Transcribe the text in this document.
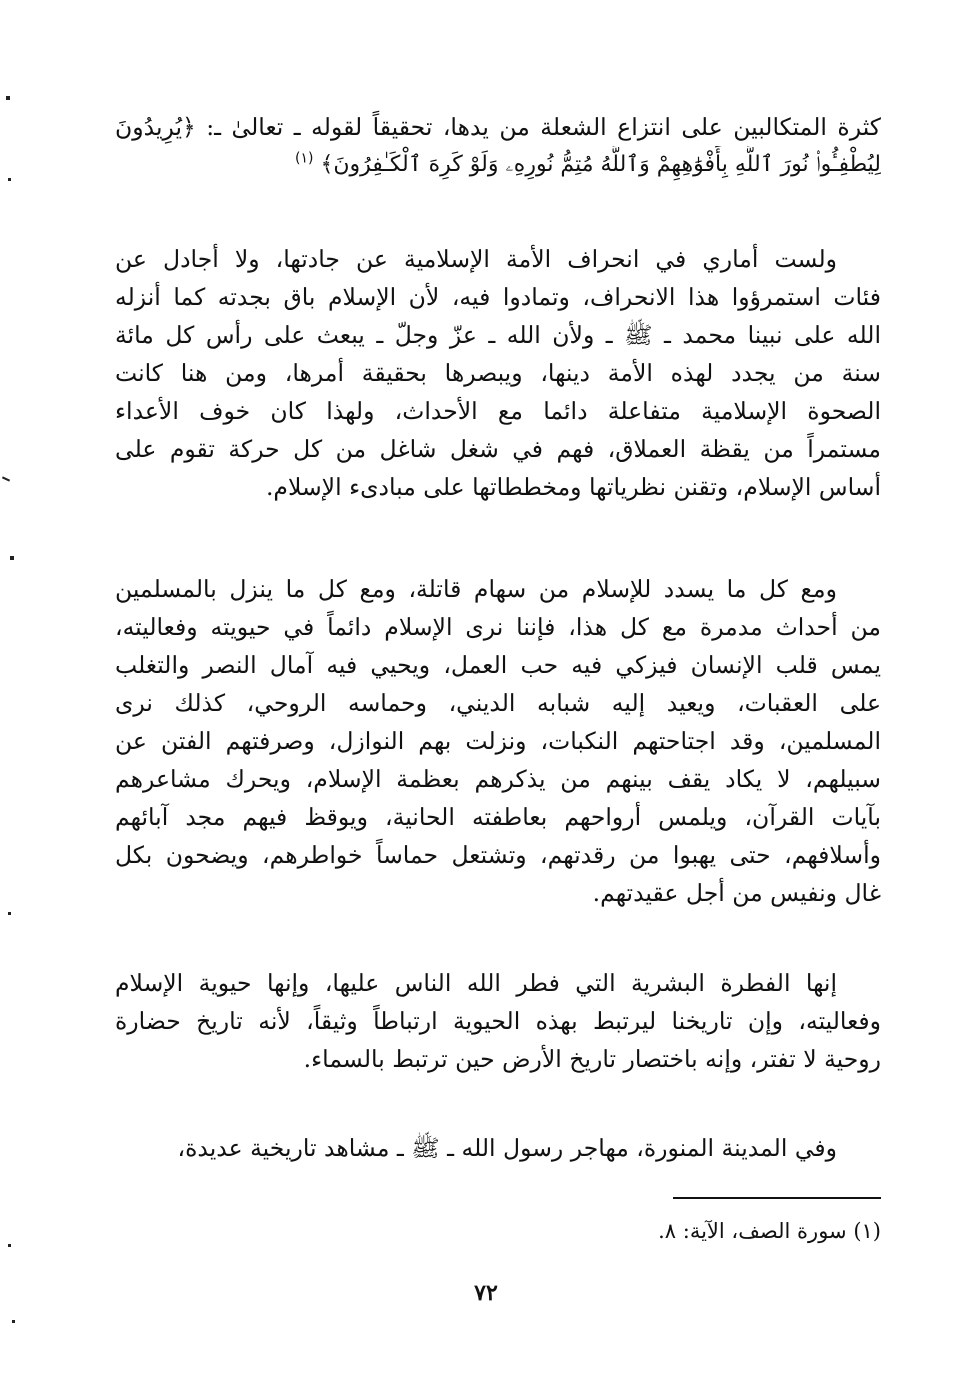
كثرة المتكالبين على انتزاع الشعلة من يدها، تحقيقاً لقوله ـ تعالىٰ ـ: ﴿يُرِيدُونَ
لِيُطْفِـُٔوا۟ نُورَ ٱللَّهِ بِأَفْوَٰهِهِمْ وَٱللَّهُ مُتِمُّ نُورِهِۦ وَلَوْ كَرِهَ ٱلْكَـٰفِرُونَ﴾ $^{(١)}$
ولست أماري في انحراف الأمة الإسلامية عن جادتها، ولا أجادل عن
فئات استمرؤوا هذا الانحراف، وتمادوا فيه، لأن الإسلام باق بجدته كما أنزله
الله على نبينا محمد ـ ﷺ ـ ولأن الله ـ عزّ وجلّ ـ يبعث على رأس كل مائة
سنة من يجدد لهذه الأمة دينها، ويبصرها بحقيقة أمرها، ومن هنا كانت
الصحوة الإسلامية متفاعلة دائما مع الأحداث، ولهذا كان خوف الأعداء
مستمراً من يقظة العملاق، فهم في شغل شاغل من كل حركة تقوم على
أساس الإسلام، وتقنن نظرياتها ومخططاتها على مبادىء الإسلام.
ومع كل ما يسدد للإسلام من سهام قاتلة، ومع كل ما ينزل بالمسلمين
من أحداث مدمرة مع كل هذا، فإننا نرى الإسلام دائماً في حيويته وفعاليته،
يمس قلب الإنسان فيزكي فيه حب العمل، ويحيي فيه آمال النصر والتغلب
على العقبات، ويعيد إليه شبابه الديني، وحماسه الروحي، كذلك نرى
المسلمين، وقد اجتاحتهم النكبات، ونزلت بهم النوازل، وصرفتهم الفتن عن
سبيلهم، لا يكاد يقف بينهم من يذكرهم بعظمة الإسلام، ويحرك مشاعرهم
بآيات القرآن، ويلمس أرواحهم بعاطفته الحانية، ويوقظ فيهم مجد آبائهم
وأسلافهم، حتى يهبوا من رقدتهم، وتشتعل حماساً خواطرهم، ويضحون بكل
غال ونفيس من أجل عقيدتهم.
إنها الفطرة البشرية التي فطر الله الناس عليها، وإنها حيوية الإسلام
وفعاليته، وإن تاريخنا ليرتبط بهذه الحيوية ارتباطاً وثيقاً، لأنه تاريخ حضارة
روحية لا تفتر، وإنه باختصار تاريخ الأرض حين ترتبط بالسماء.
وفي المدينة المنورة، مهاجر رسول الله ـ ﷺ ـ مشاهد تاريخية عديدة،
(١) سورة الصف، الآية: ٨.
٧٢
